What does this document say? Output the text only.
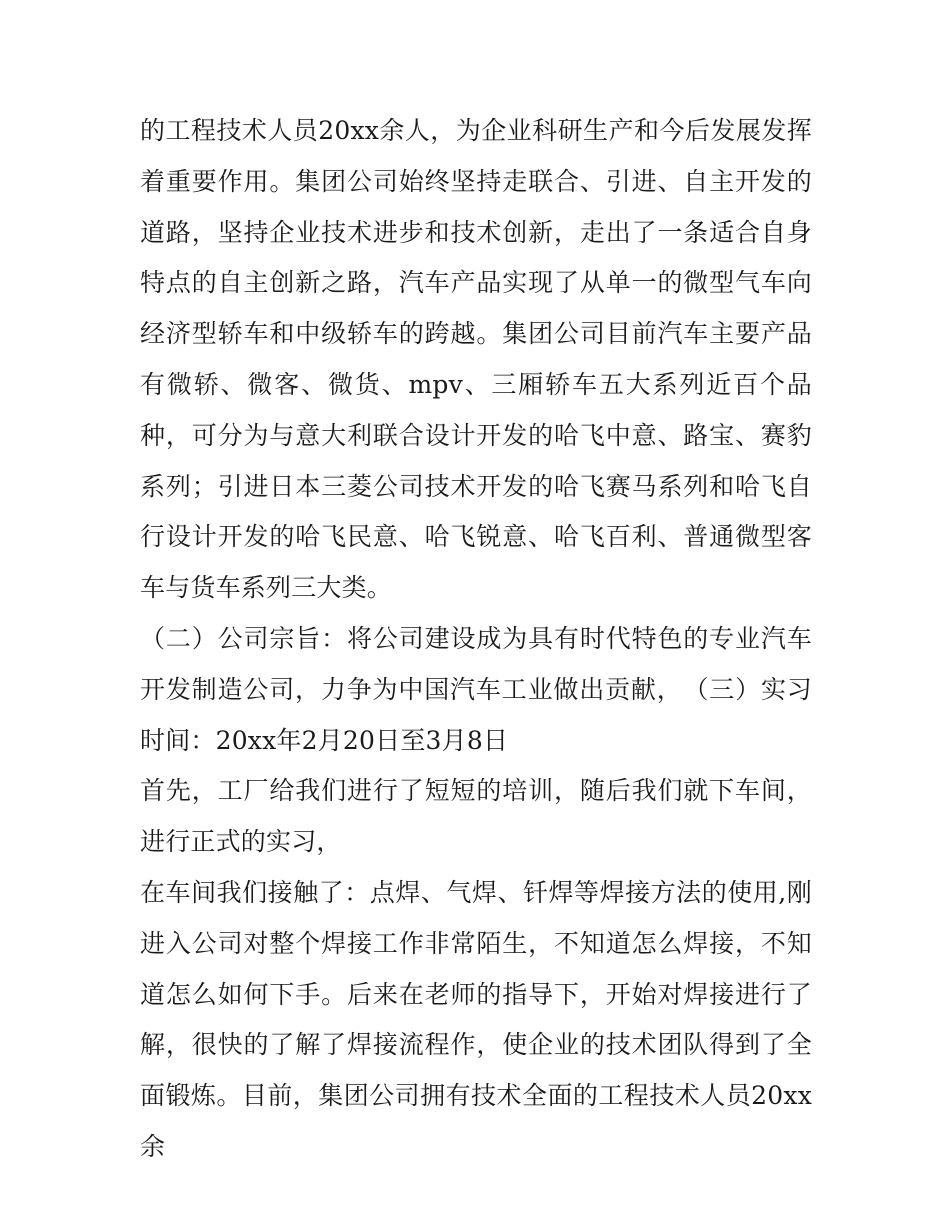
的工程技术人员20xx余人，为企业科研生产和今后发展发挥着重要作用。集团公司始终坚持走联合、引进、自主开发的道路，坚持企业技术进步和技术创新，走出了一条适合自身特点的自主创新之路，汽车产品实现了从单一的微型气车向经济型轿车和中级轿车的跨越。集团公司目前汽车主要产品有微轿、微客、微货、mpv、三厢轿车五大系列近百个品种，可分为与意大利联合设计开发的哈飞中意、路宝、赛豹系列；引进日本三菱公司技术开发的哈飞赛马系列和哈飞自行设计开发的哈飞民意、哈飞锐意、哈飞百利、普通微型客车与货车系列三大类。

（二）公司宗旨：将公司建设成为具有时代特色的专业汽车开发制造公司，力争为中国汽车工业做出贡献，　（三）实习时间：20xx年2月20日至3月8日

首先，工厂给我们进行了短短的培训，随后我们就下车间，进行正式的实习，

在车间我们接触了：点焊、气焊、钎焊等焊接方法的使用,刚进入公司对整个焊接工作非常陌生，不知道怎么焊接，不知道怎么如何下手。后来在老师的指导下，开始对焊接进行了解，很快的了解了焊接流程作，使企业的技术团队得到了全面锻炼。目前，集团公司拥有技术全面的工程技术人员20xx余
